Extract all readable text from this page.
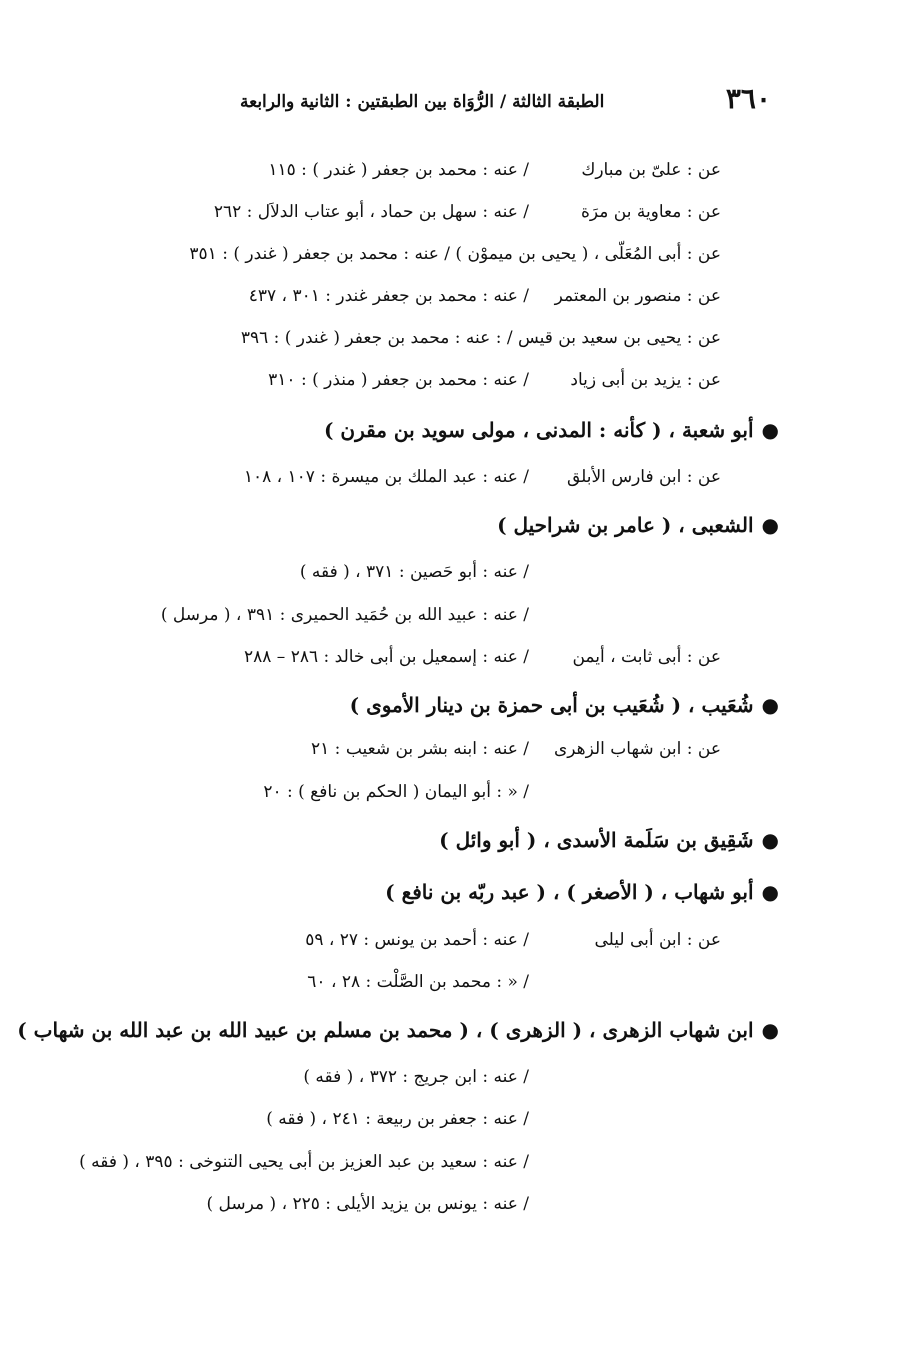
٣٦٠
الطبقة الثالثة / الرُّوَاة بين الطبقتين : الثانية والرابعة
عن : علىّ بن مبارك
/ عنه : محمد بن جعفر ( غندر ) : ١١٥
عن : معاوية بن مرَة
/ عنه : سهل بن حماد ، أبو عتاب الدلاَل : ٢٦٢
عن : أبى المُعَلّى ، ( يحيى بن ميموْن ) / عنه : محمد بن جعفر ( غندر ) : ٣٥١
عن : منصور بن المعتمر
/ عنه : محمد بن جعفر غندر : ٣٠١ ، ٤٣٧
عن : يحيى بن سعيد بن قيس / : عنه : محمد بن جعفر ( غندر ) : ٣٩٦
عن : يزيد بن أبى زياد
/ عنه : محمد بن جعفر ( منذر ) : ٣١٠
●أبو شعبة ، ( كأنه : المدنى ، مولى سويد بن مقرن )
عن : ابن فارس الأبلق
/ عنه : عبد الملك بن ميسرة : ١٠٧ ، ١٠٨
●الشعبى ، ( عامر بن شراحيل )
/ عنه : أبو حَصين : ٣٧١ ، ( فقه )
/ عنه : عبيد الله بن حُمَيد الحميرى : ٣٩١ ، ( مرسل )
عن : أبى ثابت ، أيمن
/ عنه : إسمعيل بن أبى خالد : ٢٨٦ – ٢٨٨
●شُعَيب ، ( شُعَيب بن أبى حمزة بن دينار الأموى )
عن : ابن شهاب الزهرى
/ عنه : ابنه بشر بن شعيب : ٢١
/ « : أبو اليمان ( الحكم بن نافع ) : ٢٠
●شَقِيق بن سَلَمة الأسدى ، ( أبو وائل )
●أبو شهاب ، ( الأصغر ) ، ( عبد ربّه بن نافع )
عن : ابن أبى ليلى
/ عنه : أحمد بن يونس : ٢٧ ، ٥٩
/ « : محمد بن الصَّلْت : ٢٨ ، ٦٠
●ابن شهاب الزهرى ، ( الزهرى ) ، ( محمد بن مسلم بن عبيد الله بن عبد الله بن شهاب )
/ عنه : ابن جريج : ٣٧٢ ، ( فقه )
/ عنه : جعفر بن ربيعة : ٢٤١ ، ( فقه )
/ عنه : سعيد بن عبد العزيز بن أبى يحيى التنوخى : ٣٩٥ ، ( فقه )
/ عنه : يونس بن يزيد الأيلى : ٢٢٥ ، ( مرسل )
